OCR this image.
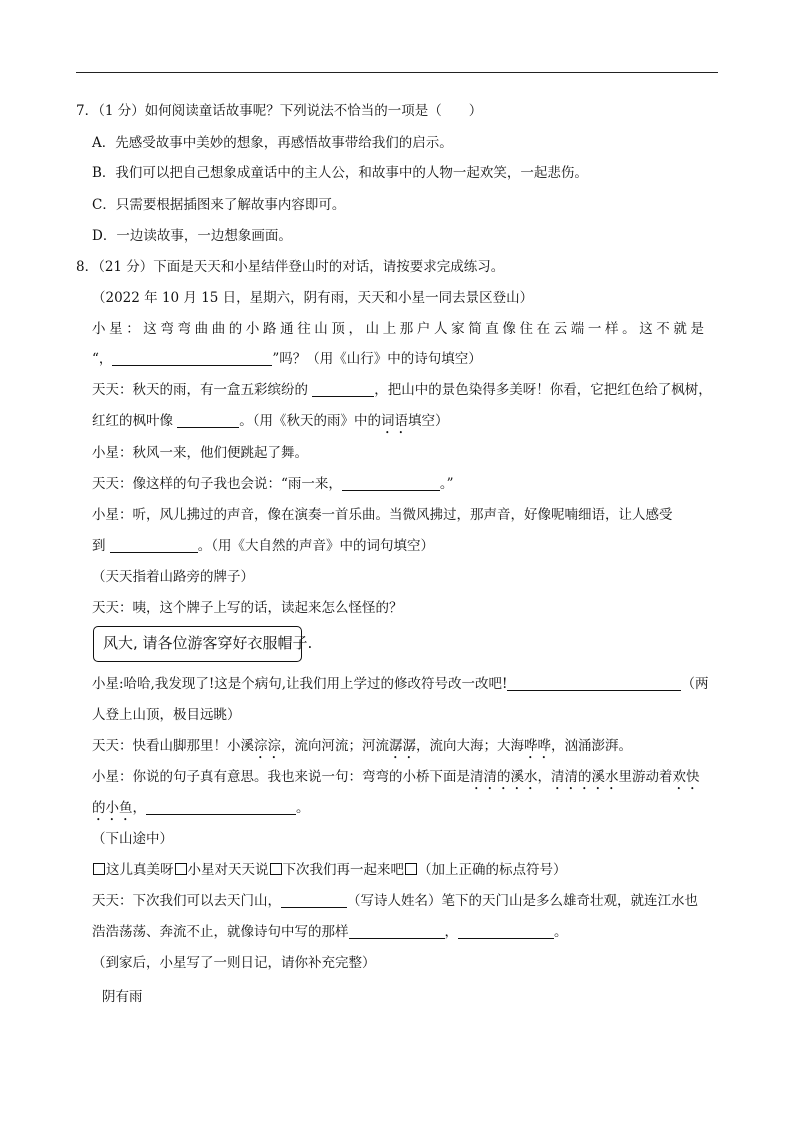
7．（1 分）如何阅读童话故事呢？下列说法不恰当的一项是（　　）
A．先感受故事中美妙的想象，再感悟故事带给我们的启示。
B．我们可以把自己想象成童话中的主人公，和故事中的人物一起欢笑，一起悲伤。
C．只需要根据插图来了解故事内容即可。
D．一边读故事，一边想象画面。
8．（21 分）下面是天天和小星结伴登山时的对话，请按要求完成练习。
（2022 年 10 月 15 日，星期六，阴有雨，天天和小星一同去景区登山）
小星：这弯弯曲曲的小路通往山顶，山上那户人家简直像住在云端一样。这不就是
“，	”吗？（用《山行》中的诗句填空）
天天：秋天的雨，有一盒五彩缤纷的	，把山中的景色染得多美呀！你看，它把红色给了枫树，
红红的枫叶像	。（用《秋天的雨》中的词语填空）
小星：秋风一来，他们便跳起了舞。
天天：像这样的句子我也会说：“雨一来，	。”
小星：听，风儿拂过的声音，像在演奏一首乐曲。当微风拂过，那声音，好像呢喃细语，让人感受
到	。（用《大自然的声音》中的词句填空）
（天天指着山路旁的牌子）
天天：咦，这个牌子上写的话，读起来怎么怪怪的？
风大, 请各位游客穿好衣服帽子.
小星:哈哈,我发现了!这是个病句,让我们用上学过的修改符号改一改吧!	（两
人登上山顶，极目远眺）
天天：快看山脚那里！小溪淙淙，流向河流；河流潺潺，流向大海；大海哗哗，汹涌澎湃。
小星：你说的句子真有意思。我也来说一句：弯弯的小桥下面是清清的溪水，清清的溪水里游动着欢快
的小鱼，	。
（下山途中）
这儿真美呀 小星对天天说 下次我们再一起来吧 （加上正确的标点符号）
天天：下次我们可以去天门山，	（写诗人姓名）笔下的天门山是多么雄奇壮观，就连江水也
浩浩荡荡、奔流不止，就像诗句中写的那样	，	。
（到家后，小星写了一则日记，请你补充完整）
阴有雨
